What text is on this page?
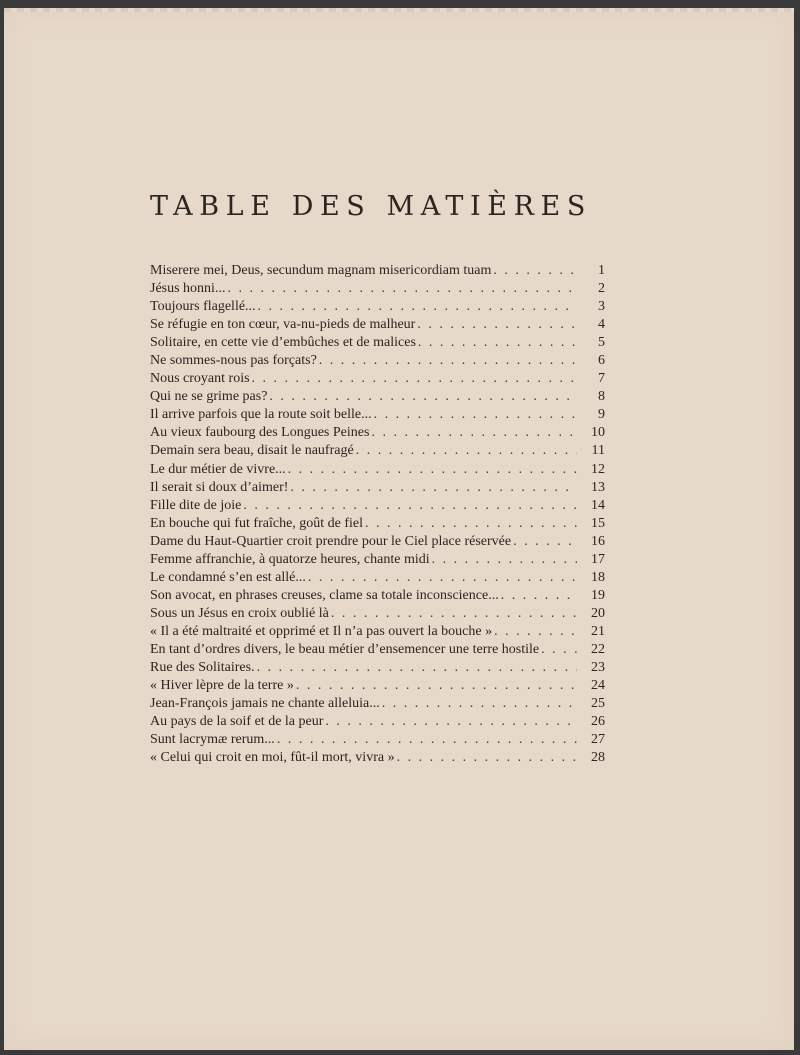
TABLE DES MATIÈRES
Miserere mei, Deus, secundum magnam misericordiam tuam . . .	1
Jésus honni... . . .	2
Toujours flagellé... . . .	3
Se réfugie en ton cœur, va-nu-pieds de malheur . . .	4
Solitaire, en cette vie d’embûches et de malices . . .	5
Ne sommes-nous pas forçats? . . .	6
Nous croyant rois . . .	7
Qui ne se grime pas? . . .	8
Il arrive parfois que la route soit belle... . . .	9
Au vieux faubourg des Longues Peines . . .	10
Demain sera beau, disait le naufragé . . .	11
Le dur métier de vivre... . . .	12
Il serait si doux d’aimer! . . .	13
Fille dite de joie . . .	14
En bouche qui fut fraîche, goût de fiel . . .	15
Dame du Haut-Quartier croit prendre pour le Ciel place réservée . . .	16
Femme affranchie, à quatorze heures, chante midi . . .	17
Le condamné s’en est allé... . . .	18
Son avocat, en phrases creuses, clame sa totale inconscience... . . .	19
Sous un Jésus en croix oublié là . . .	20
« Il a été maltraité et opprimé et Il n’a pas ouvert la bouche » . . .	21
En tant d’ordres divers, le beau métier d’ensemencer une terre hostile . . .	22
Rue des Solitaires. . . .	23
« Hiver lèpre de la terre » . . .	24
Jean-François jamais ne chante alleluia... . . .	25
Au pays de la soif et de la peur . . .	26
Sunt lacrymæ rerum... . . .	27
« Celui qui croit en moi, fût-il mort, vivra » . . .	28
